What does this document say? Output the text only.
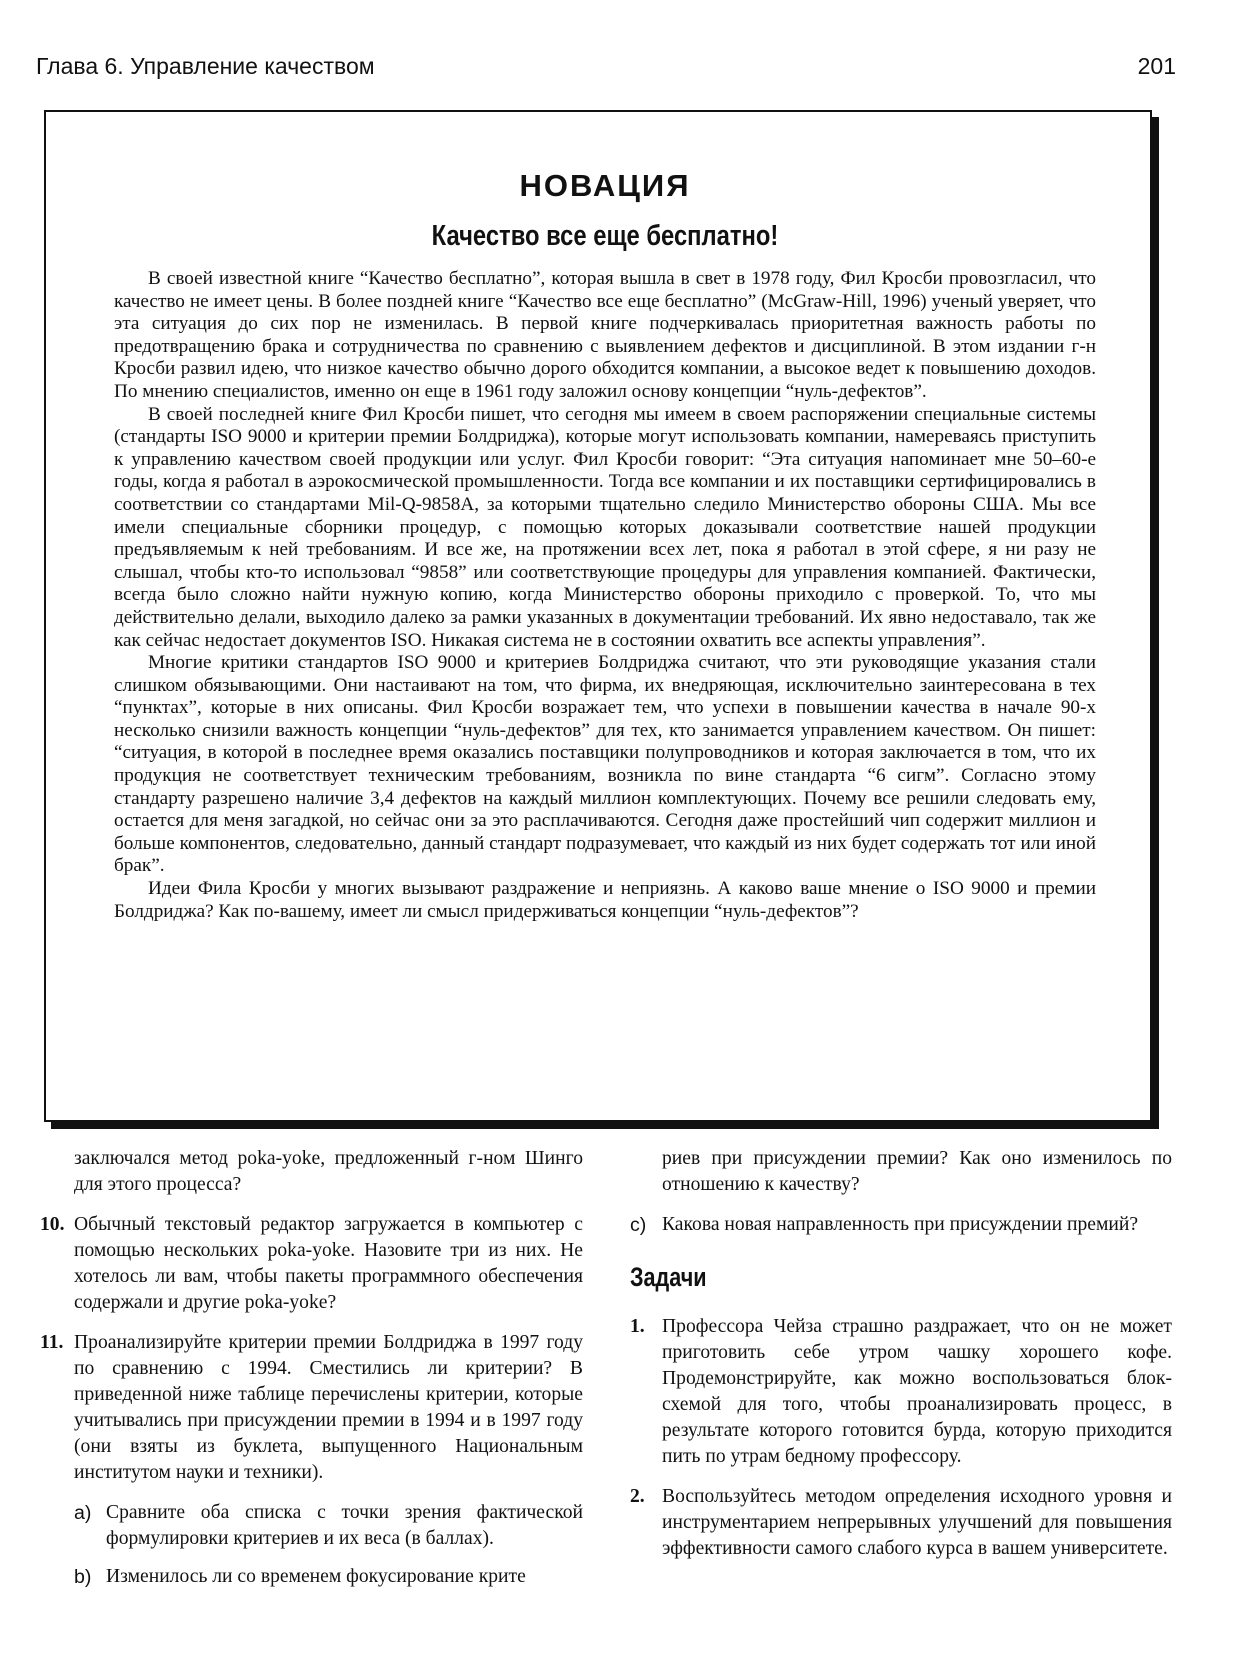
Глава 6. Управление качеством	201
НОВАЦИЯ
Качество все еще бесплатно!

В своей известной книге “Качество бесплатно”, которая вышла в свет в 1978 году, Фил Кросби провозгласил, что качество не имеет цены. В более поздней книге “Качество все еще бесплатно” (McGraw-Hill, 1996) ученый уверяет, что эта ситуация до сих пор не изменилась. В первой книге подчеркивалась приоритетная важность работы по предотвращению брака и сотрудничества по сравнению с выявлением дефектов и дисциплиной. В этом издании г-н Кросби развил идею, что низкое качество обычно дорого обходится компании, а высокое ведет к повышению доходов. По мнению специалистов, именно он еще в 1961 году заложил основу концепции “нуль-дефектов”.

В своей последней книге Фил Кросби пишет, что сегодня мы имеем в своем распоряжении специальные системы (стандарты ISO 9000 и критерии премии Болдриджа), которые могут использовать компании, намереваясь приступить к управлению качеством своей продукции или услуг. Фил Кросби говорит: “Эта ситуация напоминает мне 50–60-е годы, когда я работал в аэрокосмической промышленности. Тогда все компании и их поставщики сертифицировались в соответствии со стандартами Mil-Q-9858A, за которыми тщательно следило Министерство обороны США. Мы все имели специальные сборники процедур, с помощью которых доказывали соответствие нашей продукции предъявляемым к ней требованиям. И все же, на протяжении всех лет, пока я работал в этой сфере, я ни разу не слышал, чтобы кто-то использовал “9858” или соответствующие процедуры для управления компанией. Фактически, всегда было сложно найти нужную копию, когда Министерство обороны приходило с проверкой. То, что мы действительно делали, выходило далеко за рамки указанных в документации требований. Их явно недоставало, так же как сейчас недостает документов ISO. Никакая система не в состоянии охватить все аспекты управления”.

Многие критики стандартов ISO 9000 и критериев Болдриджа считают, что эти руководящие указания стали слишком обязывающими. Они настаивают на том, что фирма, их внедряющая, исключительно заинтересована в тех “пунктах”, которые в них описаны. Фил Кросби возражает тем, что успехи в повышении качества в начале 90-х несколько снизили важность концепции “нуль-дефектов” для тех, кто занимается управлением качеством. Он пишет: “ситуация, в которой в последнее время оказались поставщики полупроводников и которая заключается в том, что их продукция не соответствует техническим требованиям, возникла по вине стандарта “6 сигм”. Согласно этому стандарту разрешено наличие 3,4 дефектов на каждый миллион комплектующих. Почему все решили следовать ему, остается для меня загадкой, но сейчас они за это расплачиваются. Сегодня даже простейший чип содержит миллион и больше компонентов, следовательно, данный стандарт подразумевает, что каждый из них будет содержать тот или иной брак”.

Идеи Фила Кросби у многих вызывают раздражение и неприязнь. А каково ваше мнение о ISO 9000 и премии Болдриджа? Как по-вашему, имеет ли смысл придерживаться концепции “нуль-дефектов”?

заключался метод poka-yoke, предложенный г-ном Шинго для этого процесса?
10. Обычный текстовый редактор загружается в компьютер с помощью нескольких poka-yoke. Назовите три из них. Не хотелось ли вам, чтобы пакеты программного обеспечения содержали и другие poka-yoke?
11. Проанализируйте критерии премии Болдриджа в 1997 году по сравнению с 1994. Сместились ли критерии? В приведенной ниже таблице перечислены критерии, которые учитывались при присуждении премии в 1994 и в 1997 году (они взяты из буклета, выпущенного Национальным институтом науки и техники).
a) Сравните оба списка с точки зрения фактической формулировки критериев и их веса (в баллах).
b) Изменилось ли со временем фокусирование крите
риев при присуждении премии? Как оно изменилось по отношению к качеству?
c) Какова новая направленность при присуждении премий?
Задачи
1. Профессора Чейза страшно раздражает, что он не может приготовить себе утром чашку хорошего кофе. Продемонстрируйте, как можно воспользоваться блок-схемой для того, чтобы проанализировать процесс, в результате которого готовится бурда, которую приходится пить по утрам бедному профессору.
2. Воспользуйтесь методом определения исходного уровня и инструментарием непрерывных улучшений для повышения эффективности самого слабого курса в вашем университете.
